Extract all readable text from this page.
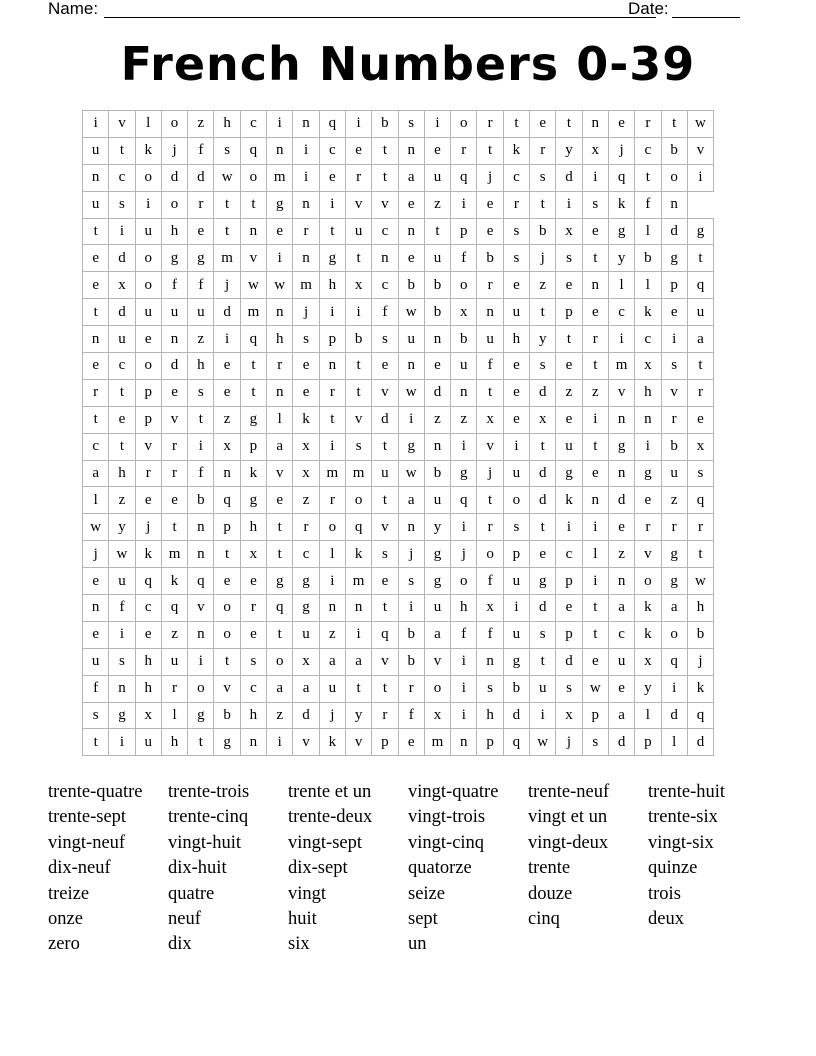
Name:	Date:
French Numbers 0-39
i	v	l	o	z	h	c	i	n	q	i	b	s	i	o	r	t	e	t	n	e	r	t	w
u	t	k	j	f	s	q	n	i	c	e	t	n	e	r	t	k	r	y	x	j	c	b	v
n	c	o	d	d	w	o	m	i	e	r	t	a	u	q	j	c	s	d	i	q	t	o	i
u	s	i	o	r	t	t	g	n	i	v	v	e	z	i	e	r	t	i	s	k	f	n	
t	i	u	h	e	t	n	e	r	t	u	c	n	t	p	e	s	b	x	e	g	l	d	g
e	d	o	g	g	m	v	i	n	g	t	n	e	u	f	b	s	j	s	t	y	b	g	t
e	x	o	f	f	j	w	w	m	h	x	c	b	b	o	r	e	z	e	n	l	l	p	q
t	d	u	u	u	d	m	n	j	i	i	f	w	b	x	n	u	t	p	e	c	k	e	u
n	u	e	n	z	i	q	h	s	p	b	s	u	n	b	u	h	y	t	r	i	c	i	a
e	c	o	d	h	e	t	r	e	n	t	e	n	e	u	f	e	s	e	t	m	x	s	t
r	t	p	e	s	e	t	n	e	r	t	v	w	d	n	t	e	d	z	z	v	h	v	r
t	e	p	v	t	z	g	l	k	t	v	d	i	z	z	x	e	x	e	i	n	n	r	e
c	t	v	r	i	x	p	a	x	i	s	t	g	n	i	v	i	t	u	t	g	i	b	x
a	h	r	r	f	n	k	v	x	m	m	u	w	b	g	j	u	d	g	e	n	g	u	s
l	z	e	e	b	q	g	e	z	r	o	t	a	u	q	t	o	d	k	n	d	e	z	q
w	y	j	t	n	p	h	t	r	o	q	v	n	y	i	r	s	t	i	i	e	r	r	r
j	w	k	m	n	t	x	t	c	l	k	s	j	g	j	o	p	e	c	l	z	v	g	t
e	u	q	k	q	e	e	g	g	i	m	e	s	g	o	f	u	g	p	i	n	o	g	w
n	f	c	q	v	o	r	q	g	n	n	t	i	u	h	x	i	d	e	t	a	k	a	h
e	i	e	z	n	o	e	t	u	z	i	q	b	a	f	f	u	s	p	t	c	k	o	b
u	s	h	u	i	t	s	o	x	a	a	v	b	v	i	n	g	t	d	e	u	x	q	j
f	n	h	r	o	v	c	a	a	u	t	t	r	o	i	s	b	u	s	w	e	y	i	k
s	g	x	l	g	b	h	z	d	j	y	r	f	x	i	h	d	i	x	p	a	l	d	q
t	i	u	h	t	g	n	i	v	k	v	p	e	m	n	p	q	w	j	s	d	p	l	d
trente-quatre	trente-trois	trente et un	vingt-quatre	trente-neuf	trente-huit
trente-sept	trente-cinq	trente-deux	vingt-trois	vingt et un	trente-six
vingt-neuf	vingt-huit	vingt-sept	vingt-cinq	vingt-deux	vingt-six
dix-neuf	dix-huit	dix-sept	quatorze	trente	quinze
treize	quatre	vingt	seize	douze	trois
onze	neuf	huit	sept	cinq	deux
zero	dix	six	un
